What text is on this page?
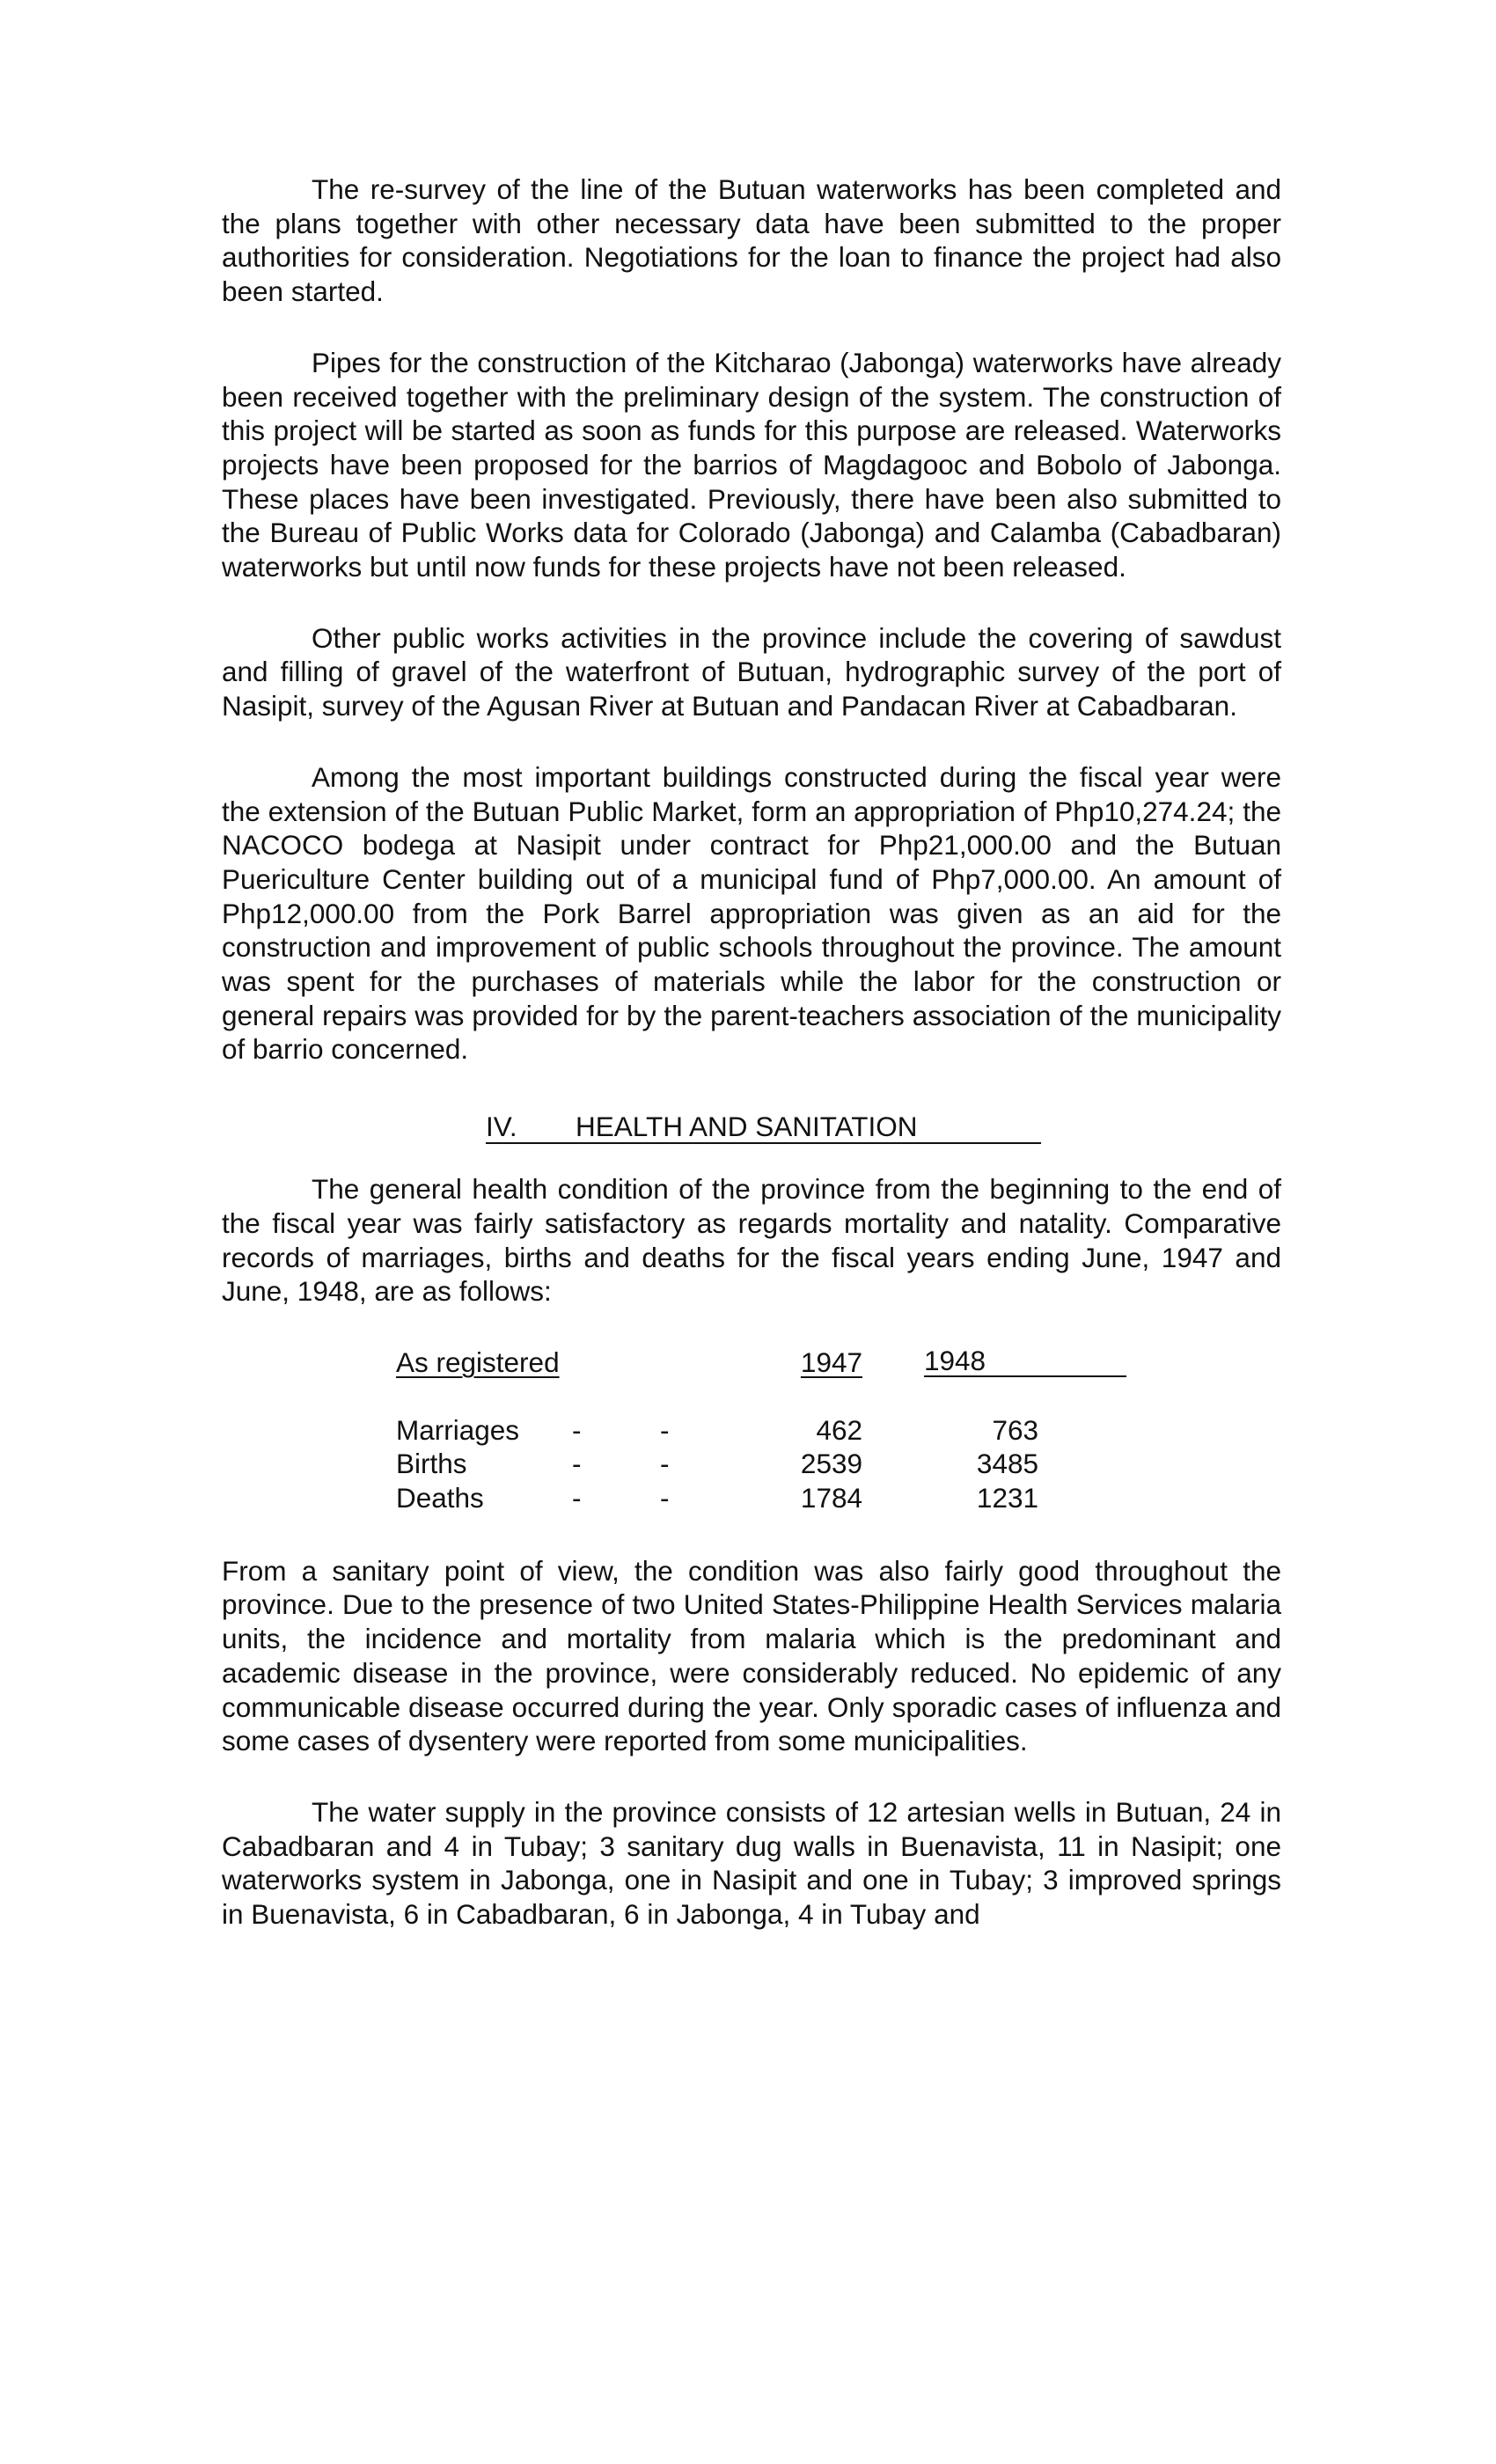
The re-survey of the line of the Butuan waterworks has been completed and the plans together with other necessary data have been submitted to the proper authorities for consideration. Negotiations for the loan to finance the project had also been started.

Pipes for the construction of the Kitcharao (Jabonga) waterworks have already been received together with the preliminary design of the system. The construction of this project will be started as soon as funds for this purpose are released. Waterworks projects have been proposed for the barrios of Magdagooc and Bobolo of Jabonga. These places have been investigated. Previously, there have been also submitted to the Bureau of Public Works data for Colorado (Jabonga) and Calamba (Cabadbaran) waterworks but until now funds for these projects have not been released.

Other public works activities in the province include the covering of sawdust and filling of gravel of the waterfront of Butuan, hydrographic survey of the port of Nasipit, survey of the Agusan River at Butuan and Pandacan River at Cabadbaran.

Among the most important buildings constructed during the fiscal year were the extension of the Butuan Public Market, form an appropriation of Php10,274.24; the NACOCO bodega at Nasipit under contract for Php21,000.00 and the Butuan Puericulture Center building out of a municipal fund of Php7,000.00. An amount of Php12,000.00 from the Pork Barrel appropriation was given as an aid for the construction and improvement of public schools throughout the province. The amount was spent for the purchases of materials while the labor for the construction or general repairs was provided for by the parent-teachers association of the municipality of barrio concerned.

IV. HEALTH AND SANITATION

The general health condition of the province from the beginning to the end of the fiscal year was fairly satisfactory as regards mortality and natality. Comparative records of marriages, births and deaths for the fiscal years ending June, 1947 and June, 1948, are as follows:

As registered	1947 1948
Marriages -	-	462	763
Births	-	-	2539	3485
Deaths	-	-	1784	1231

From a sanitary point of view, the condition was also fairly good throughout the province. Due to the presence of two United States-Philippine Health Services malaria units, the incidence and mortality from malaria which is the predominant and academic disease in the province, were considerably reduced. No epidemic of any communicable disease occurred during the year. Only sporadic cases of influenza and some cases of dysentery were reported from some municipalities.

The water supply in the province consists of 12 artesian wells in Butuan, 24 in Cabadbaran and 4 in Tubay; 3 sanitary dug walls in Buenavista, 11 in Nasipit; one waterworks system in Jabonga, one in Nasipit and one in Tubay; 3 improved springs in Buenavista, 6 in Cabadbaran, 6 in Jabonga, 4 in Tubay and
